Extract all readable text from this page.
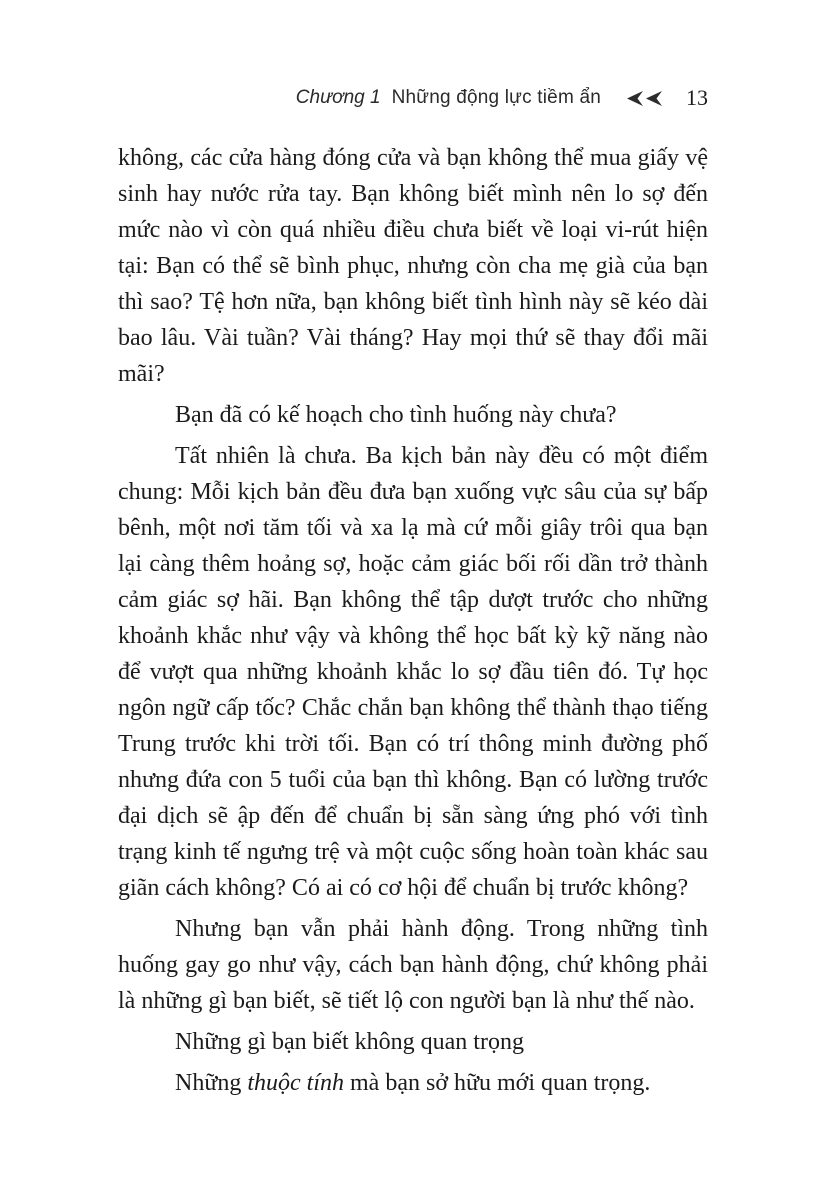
Chương 1 Những động lực tiềm ẩn	13

không, các cửa hàng đóng cửa và bạn không thể mua giấy vệ sinh hay nước rửa tay. Bạn không biết mình nên lo sợ đến mức nào vì còn quá nhiều điều chưa biết về loại vi-rút hiện tại: Bạn có thể sẽ bình phục, nhưng còn cha mẹ già của bạn thì sao? Tệ hơn nữa, bạn không biết tình hình này sẽ kéo dài bao lâu. Vài tuần? Vài tháng? Hay mọi thứ sẽ thay đổi mãi mãi?

Bạn đã có kế hoạch cho tình huống này chưa?

Tất nhiên là chưa. Ba kịch bản này đều có một điểm chung: Mỗi kịch bản đều đưa bạn xuống vực sâu của sự bấp bênh, một nơi tăm tối và xa lạ mà cứ mỗi giây trôi qua bạn lại càng thêm hoảng sợ, hoặc cảm giác bối rối dần trở thành cảm giác sợ hãi. Bạn không thể tập dượt trước cho những khoảnh khắc như vậy và không thể học bất kỳ kỹ năng nào để vượt qua những khoảnh khắc lo sợ đầu tiên đó. Tự học ngôn ngữ cấp tốc? Chắc chắn bạn không thể thành thạo tiếng Trung trước khi trời tối. Bạn có trí thông minh đường phố nhưng đứa con 5 tuổi của bạn thì không. Bạn có lường trước đại dịch sẽ ập đến để chuẩn bị sẵn sàng ứng phó với tình trạng kinh tế ngưng trệ và một cuộc sống hoàn toàn khác sau giãn cách không? Có ai có cơ hội để chuẩn bị trước không?

Nhưng bạn vẫn phải hành động. Trong những tình huống gay go như vậy, cách bạn hành động, chứ không phải là những gì bạn biết, sẽ tiết lộ con người bạn là như thế nào.

Những gì bạn biết không quan trọng

Những thuộc tính mà bạn sở hữu mới quan trọng.
